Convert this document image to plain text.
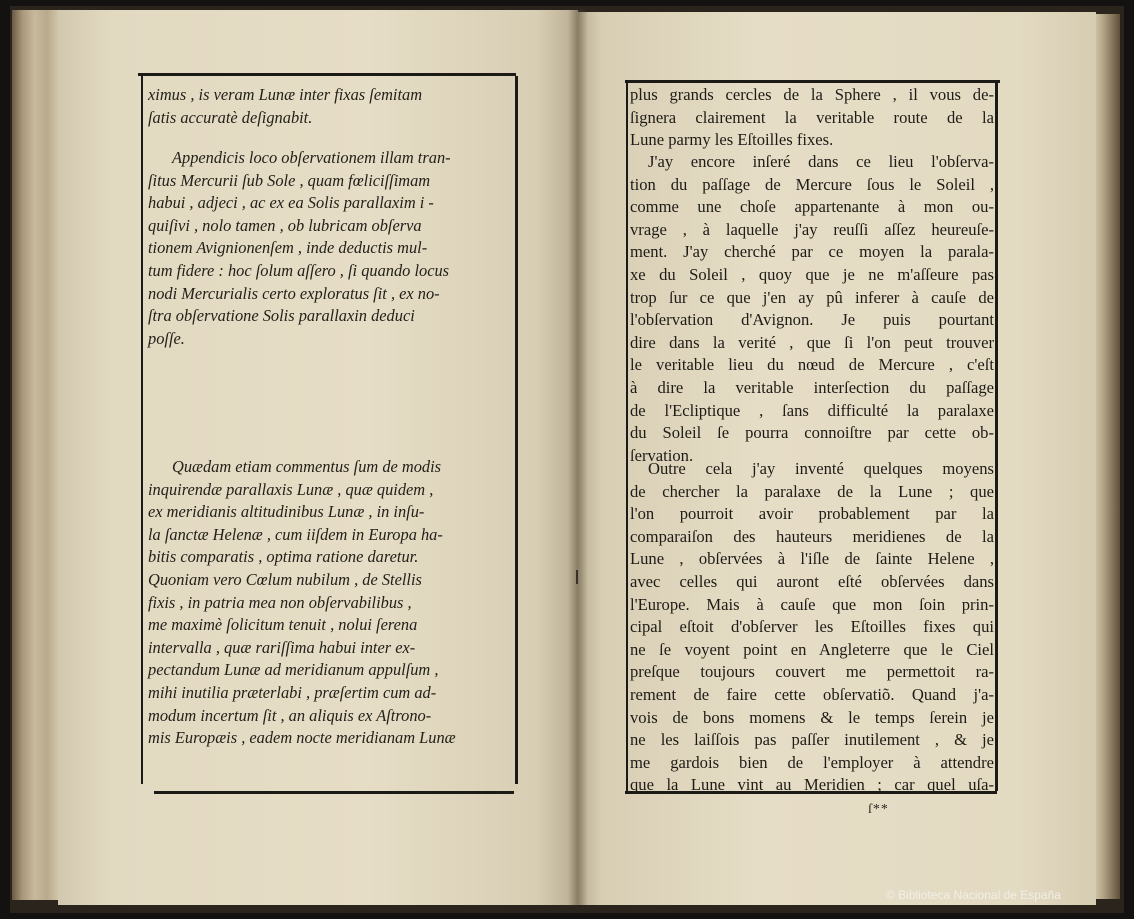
ximus , is veram Lunæ inter fixas ſemitam
ſatis accuratè deſignabit.
Appendicis loco obſervationem illam tran-
ſitus Mercurii ſub Sole , quam fœliciſſimam
habui , adjeci , ac ex ea Solis parallaxim i -
quiſivi , nolo tamen , ob lubricam obſerva
tionem Avignionenſem , inde deductis mul-
tum fidere : hoc ſolum aſſero , ſi quando locus
nodi Mercurialis certo exploratus ſit , ex no-
ſtra obſervatione Solis parallaxin deduci
poſſe.
Quædam etiam commentus ſum de modis
inquirendæ parallaxis Lunæ , quæ quidem ,
ex meridianis altitudinibus Lunæ , in inſu-
la ſanctæ Helenæ , cum iiſdem in Europa ha-
bitis comparatis , optima ratione daretur.
Quoniam vero Cœlum nubilum , de Stellis
fixis , in patria mea non obſervabilibus ,
me maximè ſolicitum tenuit , nolui ſerena
intervalla , quæ rariſſima habui inter ex-
pectandum Lunæ ad meridianum appulſum ,
mihi inutilia præterlabi , præſertim cum ad-
modum incertum ſit , an aliquis ex Aſtrono-
mis Europæis , eadem nocte meridianam Lunæ
plus grands cercles de la Sphere , il vous de-
ſignera clairement la veritable route de la
Lune parmy les Eſtoilles fixes.
J'ay encore inſeré dans ce lieu l'obſerva-
tion du paſſage de Mercure ſous le Soleil ,
comme une choſe appartenante à mon ou-
vrage , à laquelle j'ay reuſſi aſſez heureuſe-
ment. J'ay cherché par ce moyen la parala-
xe du Soleil , quoy que je ne m'aſſeure pas
trop ſur ce que j'en ay pû inferer à cauſe de
l'obſervation d'Avignon. Je puis pourtant
dire dans la verité , que ſi l'on peut trouver
le veritable lieu du nœud de Mercure , c'eſt
à dire la veritable interſection du paſſage
de l'Ecliptique , ſans difficulté la paralaxe
du Soleil ſe pourra connoiſtre par cette ob-
ſervation.
Outre cela j'ay inventé quelques moyens
de chercher la paralaxe de la Lune ; que
l'on pourroit avoir probablement par la
comparaiſon des hauteurs meridienes de la
Lune , obſervées à l'iſle de ſainte Helene ,
avec celles qui auront eſté obſervées dans
l'Europe. Mais à cauſe que mon ſoin prin-
cipal eſtoit d'obſerver les Eſtoilles fixes qui
ne ſe voyent point en Angleterre que le Ciel
preſque toujours couvert me permettoit ra-
rement de faire cette obſervatiõ. Quand j'a-
vois de bons momens & le temps ſerein je
ne les laiſſois pas paſſer inutilement , & je
me gardois bien de l'employer à attendre
que la Lune vint au Meridien ; car quel uſa-
ſ**
© Biblioteca Nacional de España
